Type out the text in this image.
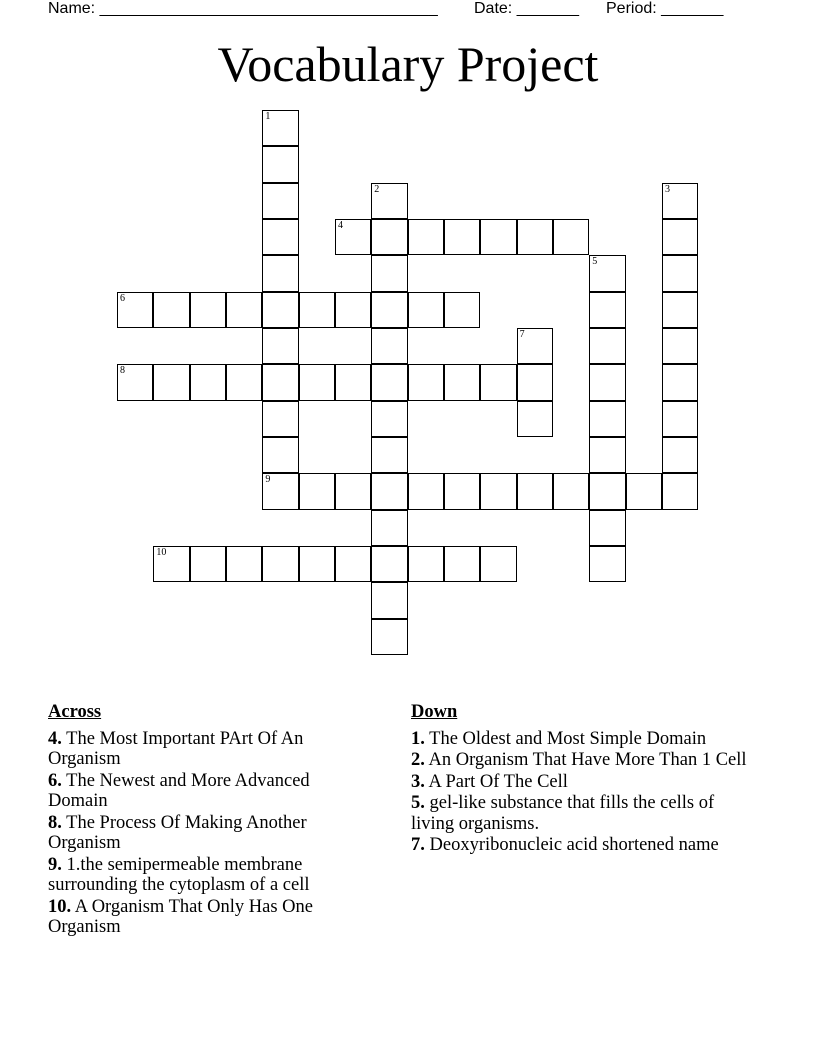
Name: ______________________________________ Date: _______ Period: _______
Vocabulary Project
1
9
2	3
4
5
6
7
8
10
Across
4. The Most Important PArt Of An Organism
6. The Newest and More Advanced Domain
8. The Process Of Making Another Organism
9. 1.the semipermeable membrane surrounding the cytoplasm of a cell
10. A Organism That Only Has One Organism
Down
1. The Oldest and Most Simple Domain
2. An Organism That Have More Than 1 Cell
3. A Part Of The Cell
5. gel-like substance that fills the cells of living organisms.
7. Deoxyribonucleic acid shortened name
